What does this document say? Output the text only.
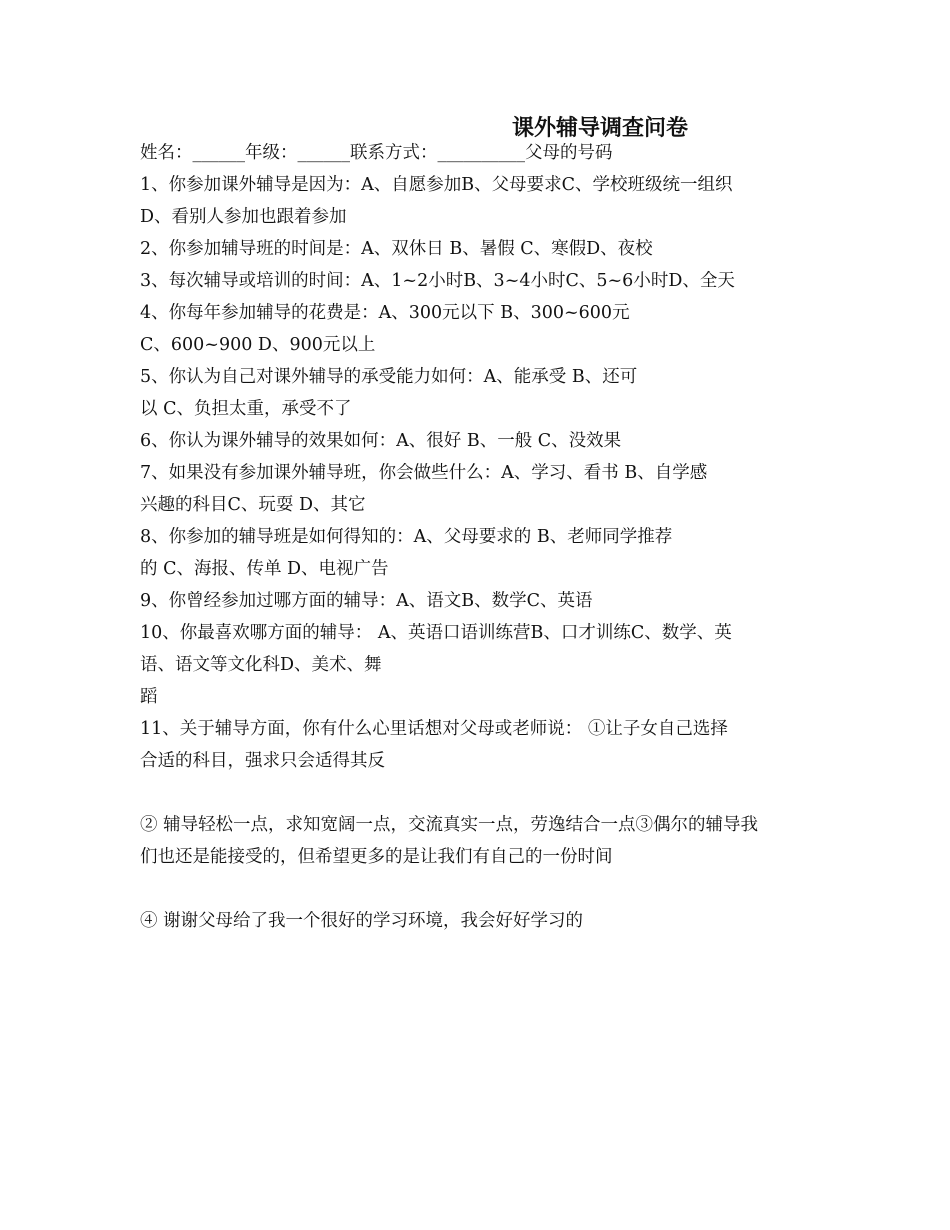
课外辅导调查问卷
姓名：______年级：______联系方式：__________父母的号码
1、你参加课外辅导是因为：A、自愿参加B、父母要求C、学校班级统一组织
D、看别人参加也跟着参加
2、你参加辅导班的时间是：A、双休日 B、暑假 C、寒假D、夜校
3、每次辅导或培训的时间：A、1~2小时B、3~4小时C、5~6小时D、全天
4、你每年参加辅导的花费是：A、300元以下 B、300~600元
C、600~900 D、900元以上
5、你认为自己对课外辅导的承受能力如何：A、能承受 B、还可
以 C、负担太重，承受不了
6、你认为课外辅导的效果如何：A、很好 B、一般 C、没效果
7、如果没有参加课外辅导班，你会做些什么：A、学习、看书 B、自学感
兴趣的科目C、玩耍 D、其它
8、你参加的辅导班是如何得知的：A、父母要求的 B、老师同学推荐
的 C、海报、传单 D、电视广告
9、你曾经参加过哪方面的辅导：A、语文B、数学C、英语
10、你最喜欢哪方面的辅导： A、英语口语训练营B、口才训练C、数学、英
语、语文等文化科D、美术、舞
蹈
11、关于辅导方面，你有什么心里话想对父母或老师说： ①让子女自己选择
合适的科目，强求只会适得其反
② 辅导轻松一点，求知宽阔一点，交流真实一点，劳逸结合一点③偶尔的辅导我
们也还是能接受的，但希望更多的是让我们有自己的一份时间
④ 谢谢父母给了我一个很好的学习环境，我会好好学习的
